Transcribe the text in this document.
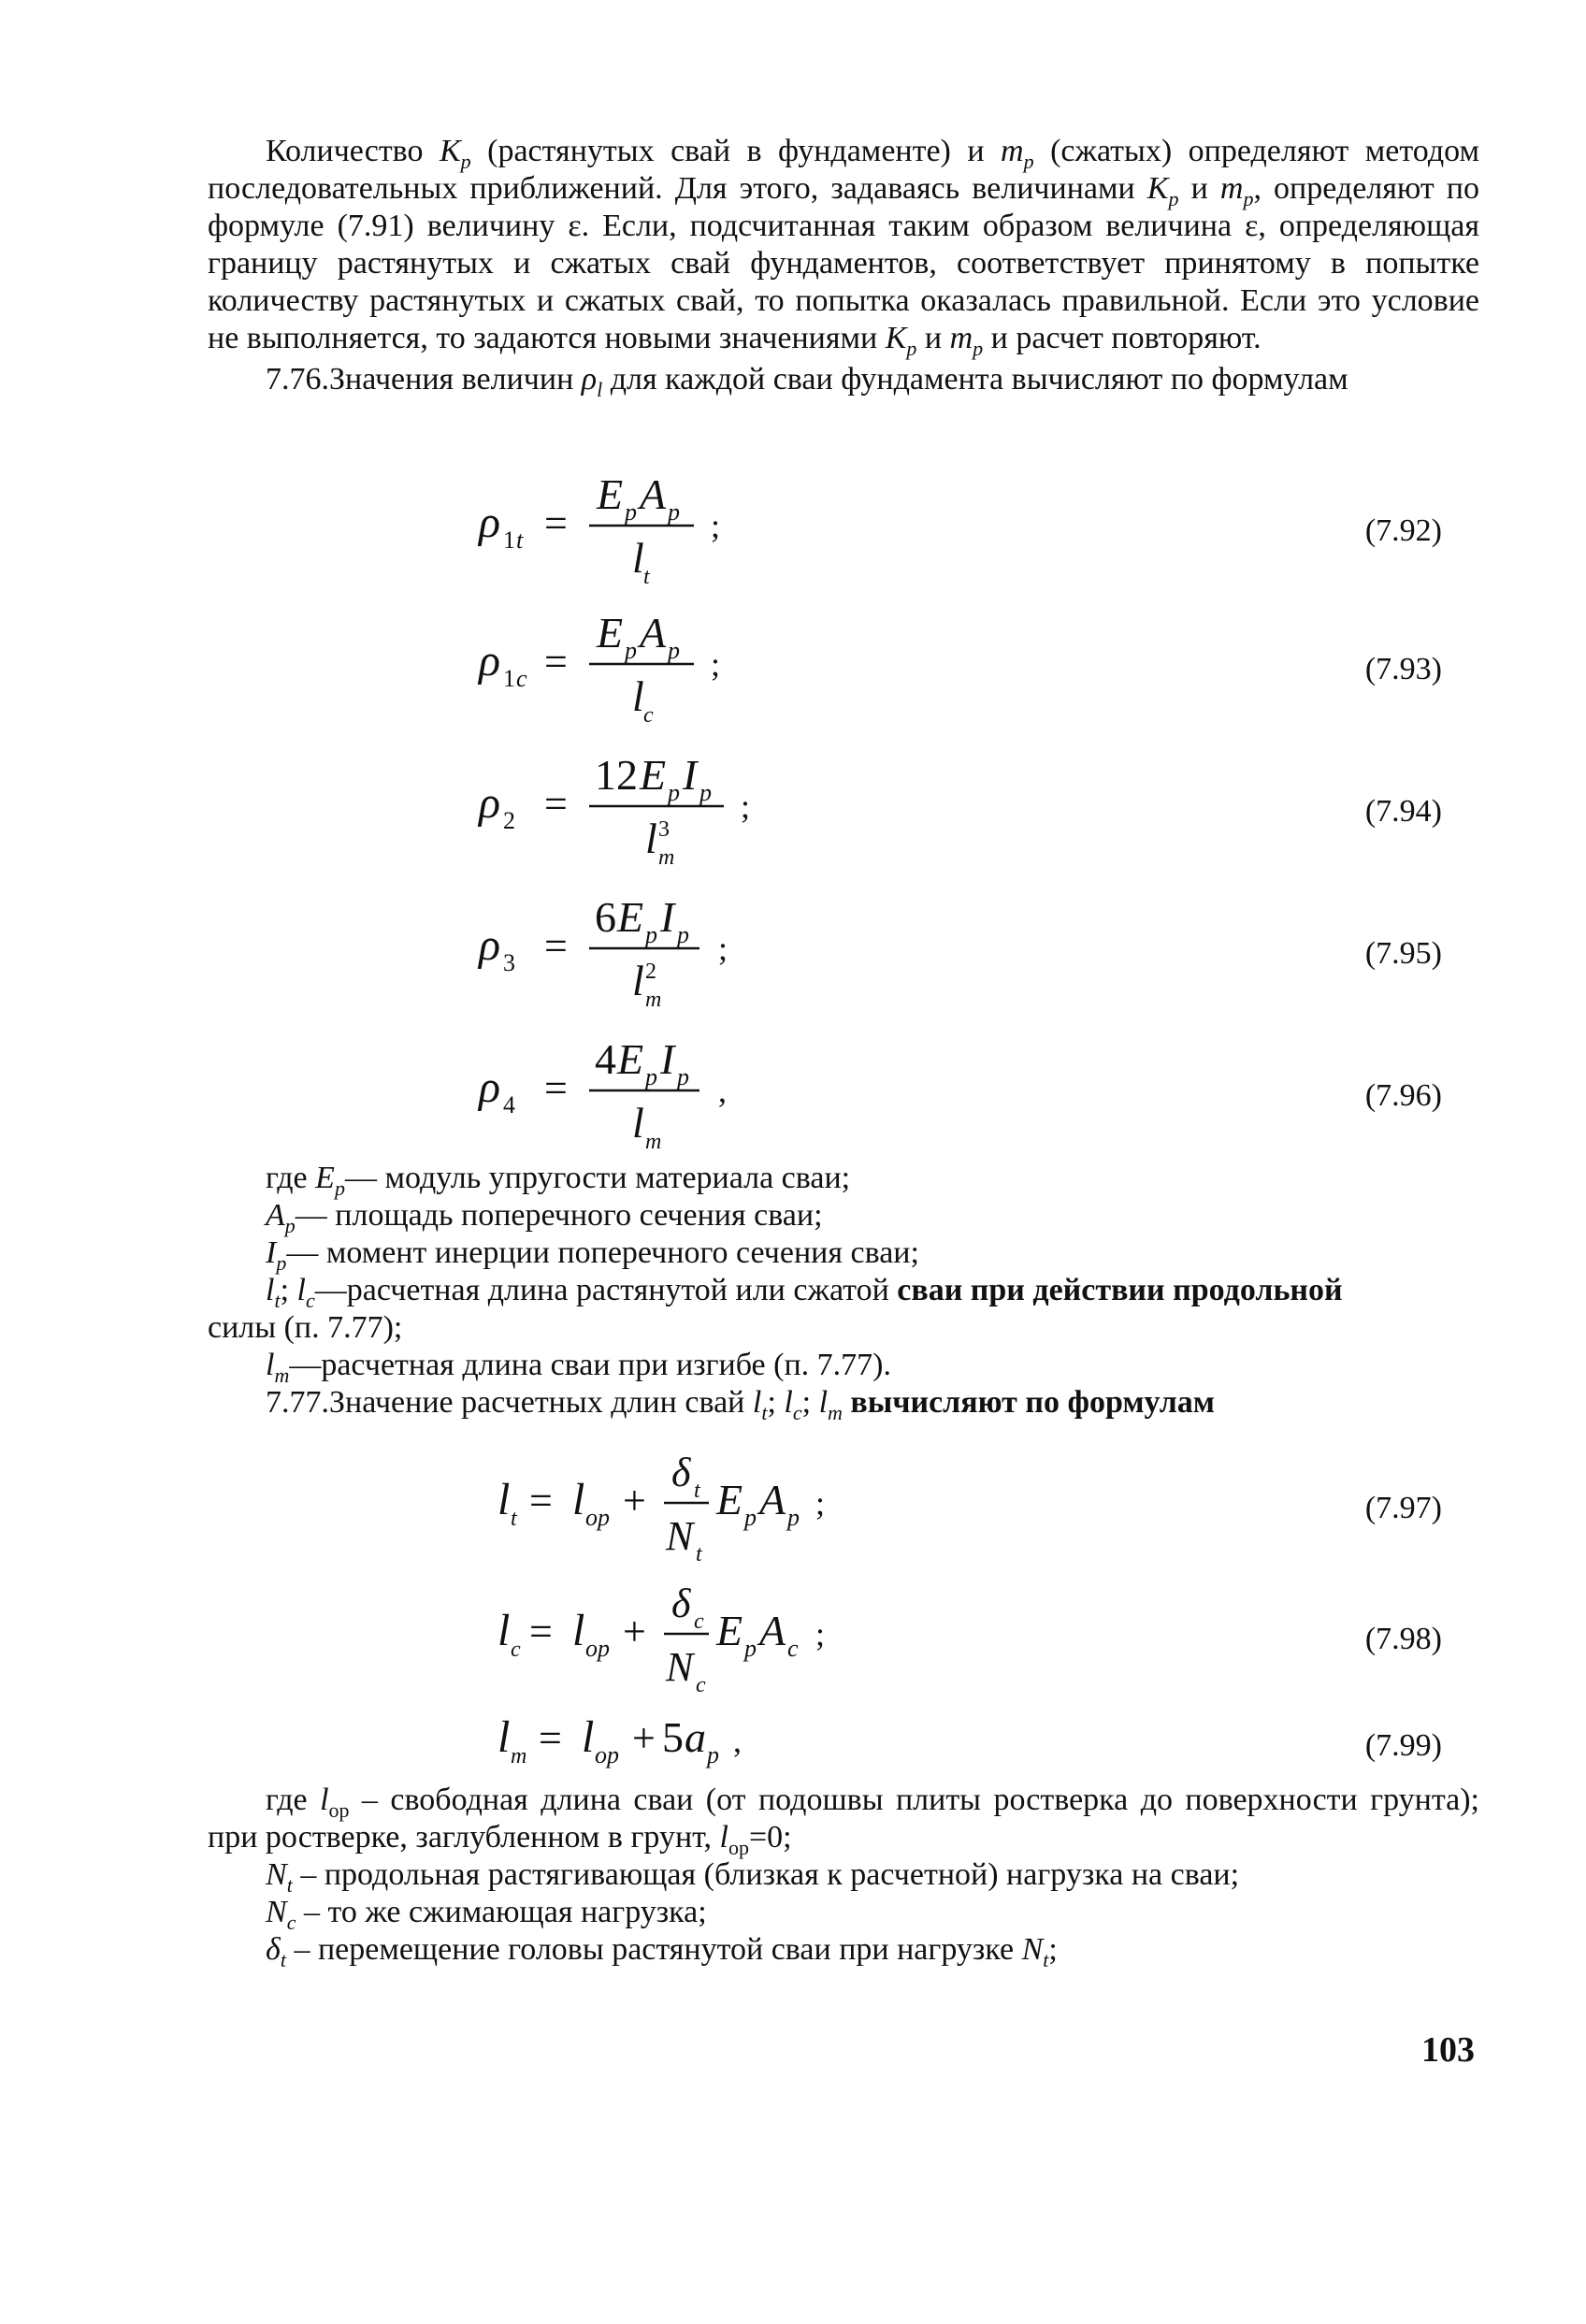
Количество $K_p$ (растянутых свай в фундаменте) и $m_p$ (сжатых) определяют методом последовательных приближений. Для этого, задаваясь величинами $K_p$ и $m_p$, определяют по формуле (7.91) величину ε. Если, подсчитанная таким образом величина ε, определяющая границу растянутых и сжатых свай фундаментов, соответствует принятому в попытке количеству растянутых и сжатых свай, то попытка оказалась правильной. Если это условие не выполняется, то задаются новыми значениями $K_p$ и $m_p$ и расчет повторяют.

7.76.Значения величин $\rho_l$ для каждой сваи фундамента вычисляют по формулам

ρ 1 t =
E p A p
l t
;	(7.92)
ρ 1 c =
E p A p
l c
;	(7.93)
ρ 2 =
12 E p I p
l 3
m
;	(7.94)
ρ 3 =
6 E p I p
l 2
m
;	(7.95)
ρ 4 =
4 E p I p
l m
,	(7.96)

где $E_p—$ модуль упругости материала сваи;

$A_p—$ площадь поперечного сечения сваи;

$I_p—$ момент инерции поперечного сечения сваи;

$l_t$; $l_c—расчетная$ длина растянутой или сжатой сваи при действии продольной

силы (п. 7.77);

$l_m—расчетная$ длина сваи при изгибе (п. 7.77).

7.77.Значение расчетных длин свай $l_t$; $l_c$; $l_m$ вычисляют по формулам

l t = l op +
δ t
N t
E p A p ;	(7.97)
l c = l op +
δ c
N c
E p A c ;	(7.98)
l m = l op + 5 a p ,	(7.99)

где $l_{ор}$ – свободная длина сваи (от подошвы плиты ростверка до поверхности грунта); при ростверке, заглубленном в грунт, $l_{ор}=0$;

$N_t$ – продольная растягивающая (близкая к расчетной) нагрузка на сваи;

$N_c$ – то же сжимающая нагрузка;

$\delta_t$ – перемещение головы растянутой сваи при нагрузке $N_t$;

103
